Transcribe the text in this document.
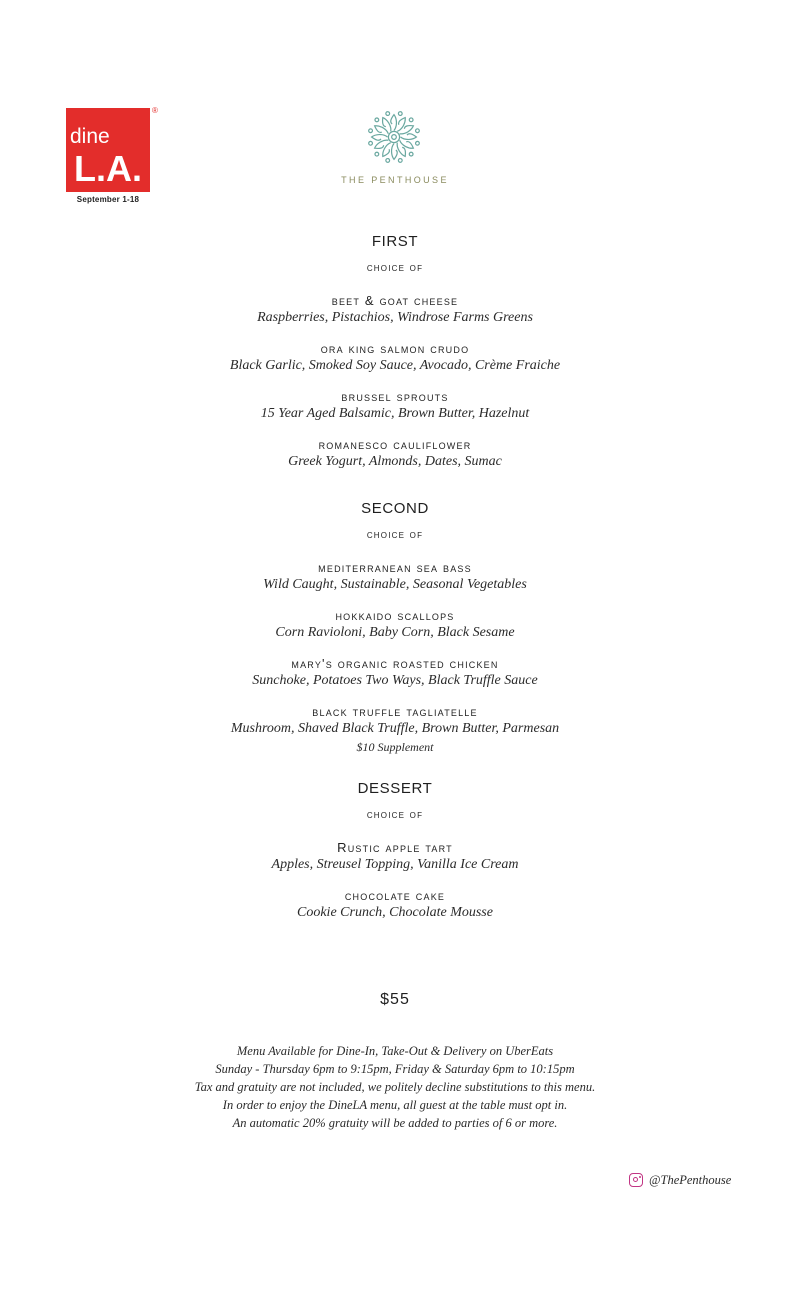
dine
L.A.
®
September 1-18
THE PENTHOUSE
FIRST
choice of
beet & goat cheese
Raspberries, Pistachios, Windrose Farms Greens
ora king salmon crudo
Black Garlic, Smoked Soy Sauce, Avocado, Crème Fraiche
brussel sprouts
15 Year Aged Balsamic, Brown Butter, Hazelnut
romanesco cauliflower
Greek Yogurt, Almonds, Dates, Sumac
SECOND
choice of
mediterranean sea bass
Wild Caught, Sustainable, Seasonal Vegetables
hokkaido scallops
Corn Ravioloni, Baby Corn, Black Sesame
mary's organic roasted chicken
Sunchoke, Potatoes Two Ways, Black Truffle Sauce
black truffle tagliatelle
Mushroom, Shaved Black Truffle, Brown Butter, Parmesan
$10 Supplement
DESSERT
choice of
Rustic apple tart
Apples, Streusel Topping, Vanilla Ice Cream
chocolate cake
Cookie Crunch, Chocolate Mousse
$55
Menu Available for Dine-In, Take-Out & Delivery on UberEats
Sunday - Thursday 6pm to 9:15pm, Friday & Saturday 6pm to 10:15pm
Tax and gratuity are not included, we politely decline substitutions to this menu.
In order to enjoy the DineLA menu, all guest at the table must opt in.
An automatic 20% gratuity will be added to parties of 6 or more.
@ThePenthouse
